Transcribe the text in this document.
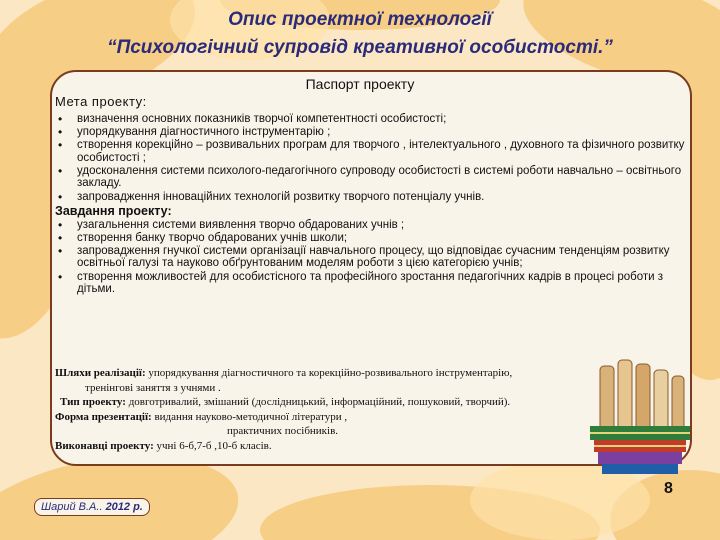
Опис проектної технології
“Психологічний супровід креативної особистості.”
Паспорт проекту
Мета проекту:
• визначення основних показників творчої компетентності особистості;
• упорядкування діагностичного інструментарію ;
• створення корекційно – розвивальних програм для творчого , інтелектуального , духовного та фізичного розвитку особистості ;
• удосконалення системи психолого-педагогічного супроводу особистості в системі роботи навчально – освітнього закладу.
• запровадження інноваційних технологій розвитку творчого потенціалу учнів.
Завдання проекту:
• узагальнення системи виявлення творчо обдарованих учнів ;
• створення банку творчо обдарованих учнів школи;
• запровадження гнучкої системи організації навчального процесу, що відповідає сучасним тенденціям розвитку освітньої галузі та науково обґрунтованим моделям роботи з цією категорією учнів;
• створення можливостей для особистісного та професійного зростання педагогічних кадрів в процесі роботи з дітьми.
Шляхи реалізації: упорядкування діагностичного та корекційно-розвивального інструментарію,
тренінгові заняття з учнями .
Тип проекту: довготривалий, змішаний (дослідницький, інформаційний, пошуковий, творчий).
Форма презентації: видання науково-методичної літератури ,
практичних посібників.
Виконавці проекту: учні 6-б,7-б ,10-б класів.
8
Шарий В.А.. 2012 р.
